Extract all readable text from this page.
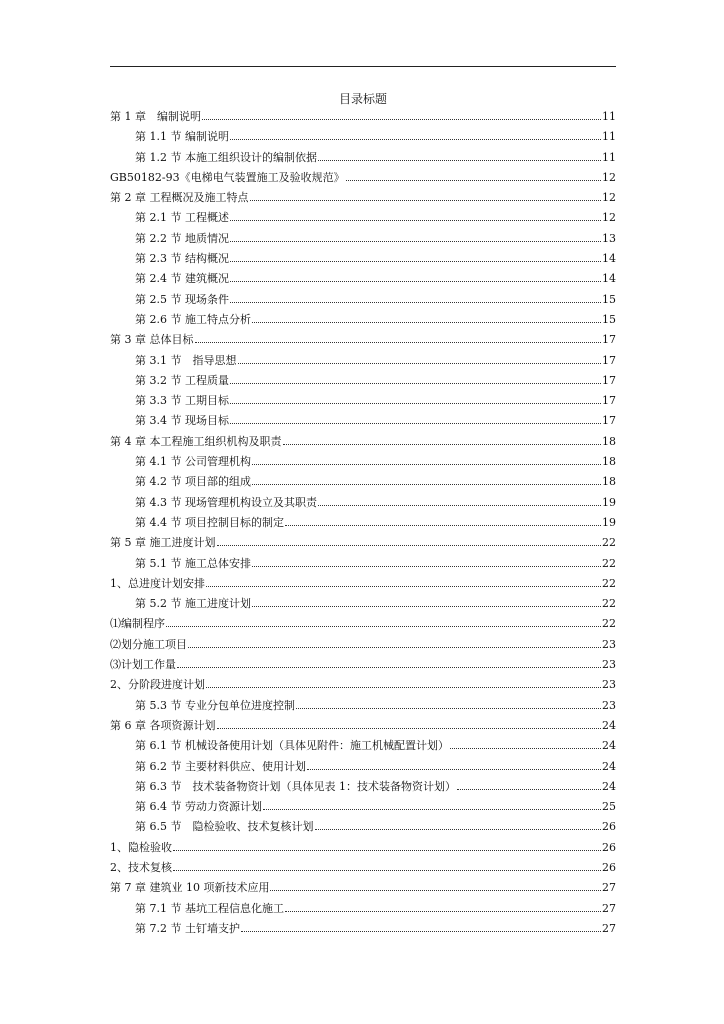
目录标题
第 1 章　编制说明	11
第 1.1 节 编制说明	11
第 1.2 节 本施工组织设计的编制依据	11
GB50182-93《电梯电气装置施工及验收规范》	12
第 2 章 工程概况及施工特点	12
第 2.1 节 工程概述	12
第 2.2 节 地质情况	13
第 2.3 节 结构概况	14
第 2.4 节 建筑概况	14
第 2.5 节 现场条件	15
第 2.6 节 施工特点分析	15
第 3 章 总体目标	17
第 3.1 节　指导思想	17
第 3.2 节 工程质量	17
第 3.3 节 工期目标	17
第 3.4 节 现场目标	17
第 4 章 本工程施工组织机构及职责	18
第 4.1 节 公司管理机构	18
第 4.2 节 项目部的组成	18
第 4.3 节 现场管理机构设立及其职责	19
第 4.4 节 项目控制目标的制定	19
第 5 章 施工进度计划	22
第 5.1 节 施工总体安排	22
1、总进度计划安排	22
第 5.2 节 施工进度计划	22
⑴编制程序	22
⑵划分施工项目	23
⑶计划工作量	23
2、分阶段进度计划	23
第 5.3 节 专业分包单位进度控制	23
第 6 章 各项资源计划	24
第 6.1 节 机械设备使用计划（具体见附件：施工机械配置计划）	24
第 6.2 节 主要材料供应、使用计划	24
第 6.3 节　技术装备物资计划（具体见表 1：技术装备物资计划）	24
第 6.4 节 劳动力资源计划	25
第 6.5 节　隐检验收、技术复核计划	26
1、隐检验收	26
2、技术复核	26
第 7 章 建筑业 10 项新技术应用	27
第 7.1 节 基坑工程信息化施工	27
第 7.2 节 土钉墙支护	27
